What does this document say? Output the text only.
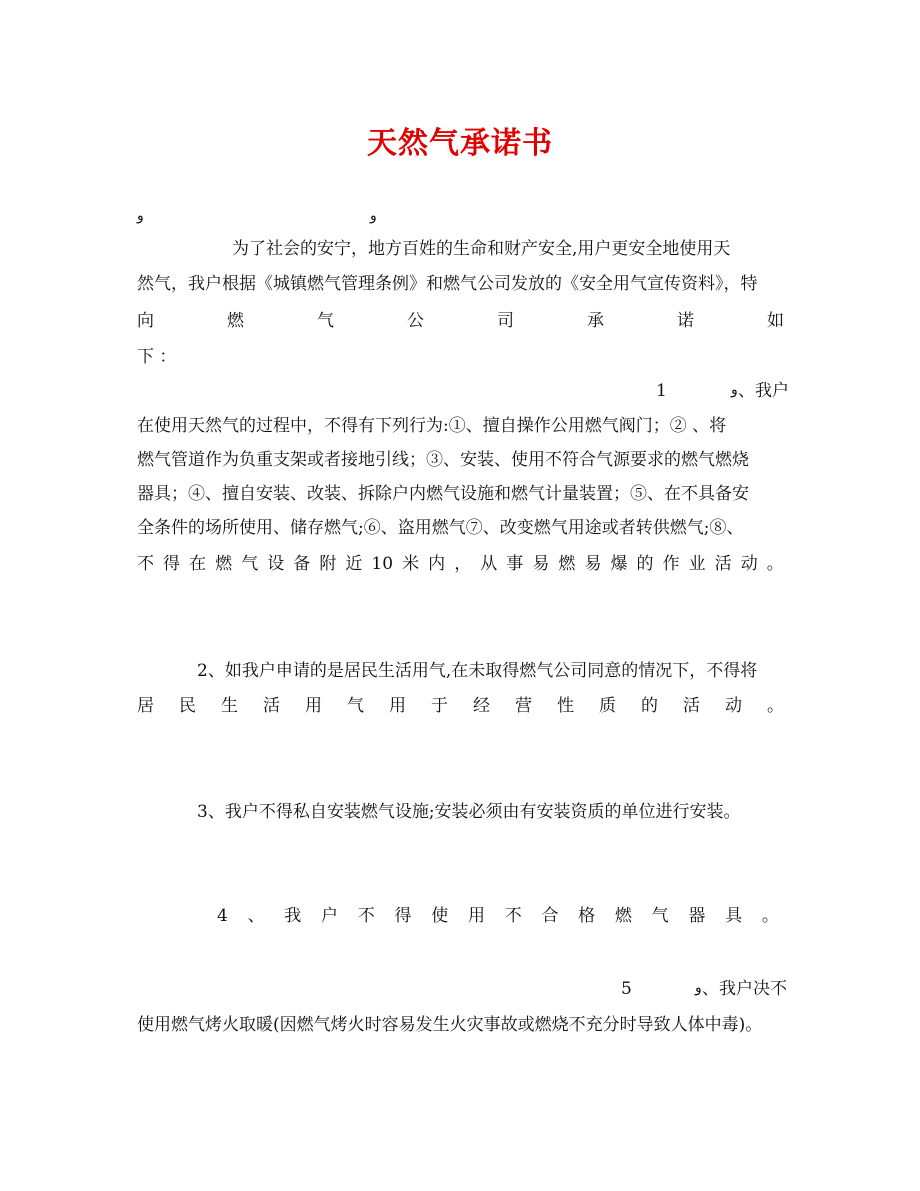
天然气承诺书
و	و
为了社会的安宁，地方百姓的生命和财产安全,用户更安全地使用天
然气，我户根据《城镇燃气管理条例》和燃气公司发放的《安全用气宣传资料》，特
向	燃	气	公	司	承	诺	如
下 ：
1	و 、我户
在使用天然气的过程中，不得有下列行为:①、擅自操作公用燃气阀门；② 、将
燃气管道作为负重支架或者接地引线；③、安装、使用不符合气源要求的燃气燃烧
器具；④、擅自安装、改装、拆除户内燃气设施和燃气计量装置；⑤、在不具备安
全条件的场所使用、储存燃气;⑥、盗用燃气⑦、改变燃气用途或者转供燃气;⑧、
不 得 在 燃 气 设 备 附 近 10 米 内 ， 从 事 易 燃 易 爆 的 作 业 活 动 。
2、如我户申请的是居民生活用气,在未取得燃气公司同意的情况下，不得将
居 民 生 活 用 气 用 于 经 营 性 质 的 活 动 。
3、我户不得私自安装燃气设施;安装必须由有安装资质的单位进行安装。
4 、 我 户 不 得 使 用 不 合 格 燃 气 器 具 。
5	و 、我户决不
使用燃气烤火取暖(因燃气烤火时容易发生火灾事故或燃烧不充分时导致人体中毒)。
